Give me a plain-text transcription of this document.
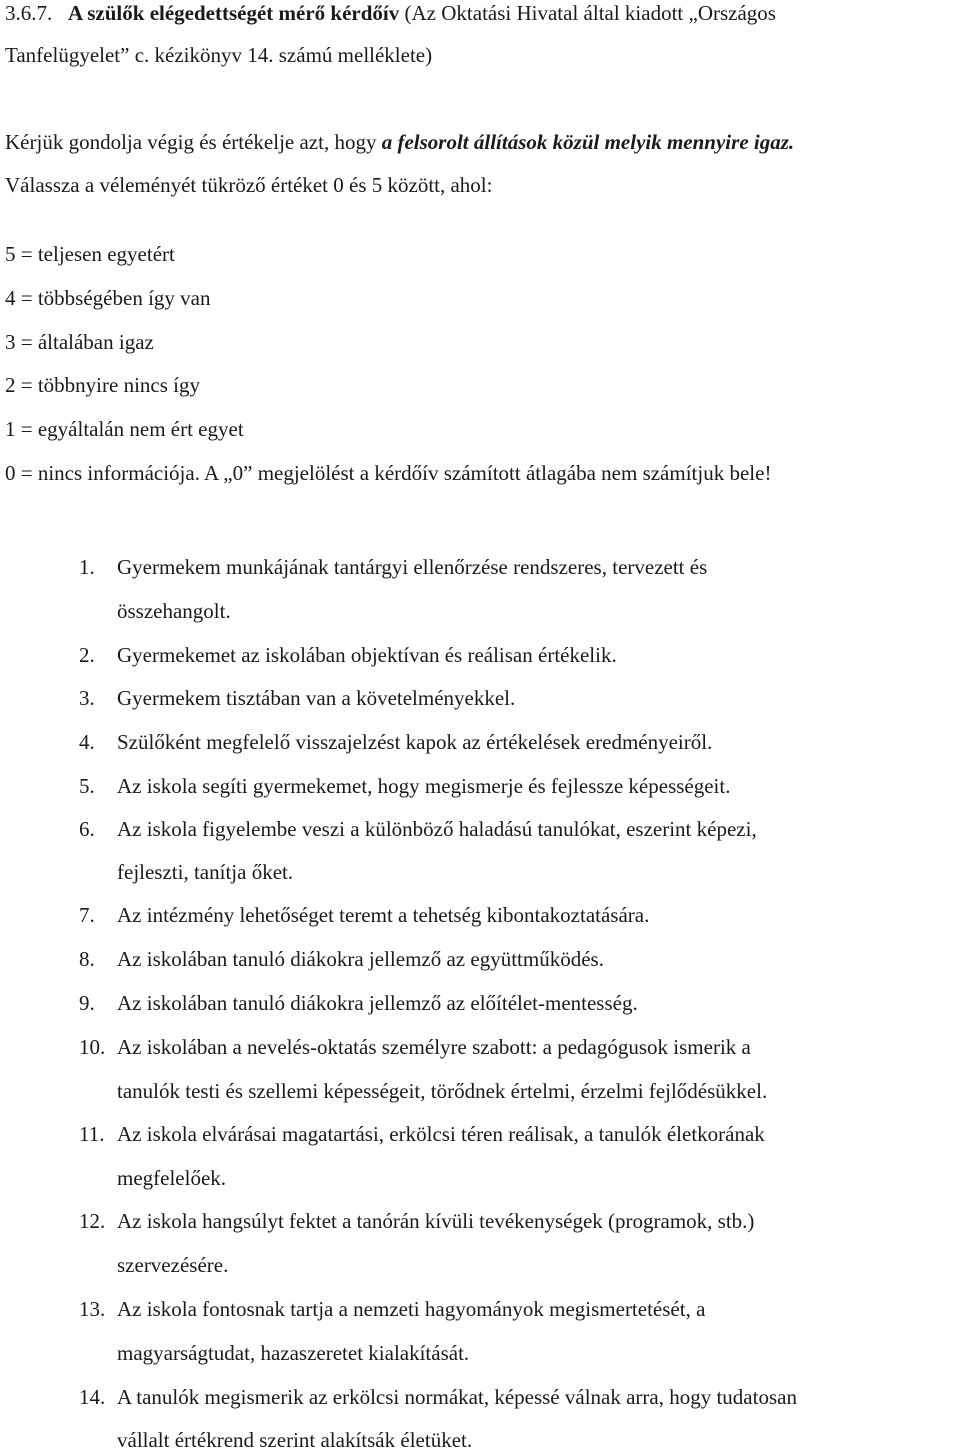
3.6.7. A szülők elégedettségét mérő kérdőív (Az Oktatási Hivatal által kiadott „Országos
Tanfelügyelet” c. kézikönyv 14. számú melléklete)
Kérjük gondolja végig és értékelje azt, hogy a felsorolt állítások közül melyik mennyire igaz.
Válassza a véleményét tükröző értéket 0 és 5 között, ahol:
5 = teljesen egyetért
4 = többségében így van
3 = általában igaz
2 = többnyire nincs így
1 = egyáltalán nem ért egyet
0 = nincs információja. A „0” megjelölést a kérdőív számított átlagába nem számítjuk bele!
1. Gyermekem munkájának tantárgyi ellenőrzése rendszeres, tervezett és
összehangolt.
2. Gyermekemet az iskolában objektívan és reálisan értékelik.
3. Gyermekem tisztában van a követelményekkel.
4. Szülőként megfelelő visszajelzést kapok az értékelések eredményeiről.
5. Az iskola segíti gyermekemet, hogy megismerje és fejlessze képességeit.
6. Az iskola figyelembe veszi a különböző haladású tanulókat, eszerint képezi,
fejleszti, tanítja őket.
7. Az intézmény lehetőséget teremt a tehetség kibontakoztatására.
8. Az iskolában tanuló diákokra jellemző az együttműködés.
9. Az iskolában tanuló diákokra jellemző az előítélet-mentesség.
10. Az iskolában a nevelés-oktatás személyre szabott: a pedagógusok ismerik a
tanulók testi és szellemi képességeit, törődnek értelmi, érzelmi fejlődésükkel.
11. Az iskola elvárásai magatartási, erkölcsi téren reálisak, a tanulók életkorának
megfelelőek.
12. Az iskola hangsúlyt fektet a tanórán kívüli tevékenységek (programok, stb.)
szervezésére.
13. Az iskola fontosnak tartja a nemzeti hagyományok megismertetését, a
magyarságtudat, hazaszeretet kialakítását.
14. A tanulók megismerik az erkölcsi normákat, képessé válnak arra, hogy tudatosan
vállalt értékrend szerint alakítsák életüket.
